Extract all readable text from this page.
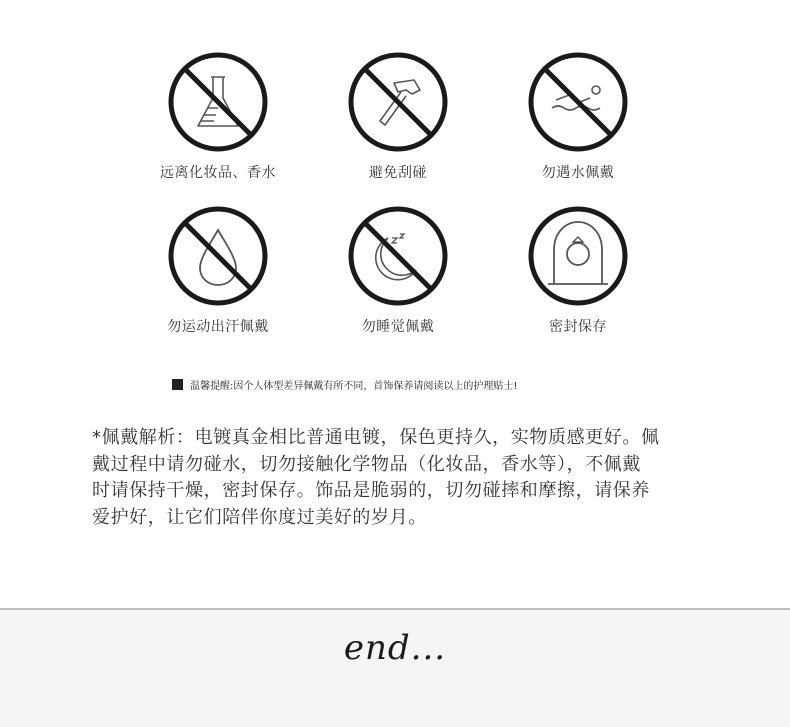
远离化妆品、香水	避免刮碰	勿遇水佩戴
勿运动出汗佩戴	勿睡觉佩戴	密封保存
温馨提醒:因个人体型差异佩戴有所不同，首饰保养请阅读以上的护理贴士!
*佩戴解析：电镀真金相比普通电镀，保色更持久，实物质感更好。佩
戴过程中请勿碰水，切勿接触化学物品（化妆品，香水等），不佩戴
时请保持干燥，密封保存。饰品是脆弱的，切勿碰摔和摩擦，请保养
爱护好，让它们陪伴你度过美好的岁月。
end...
